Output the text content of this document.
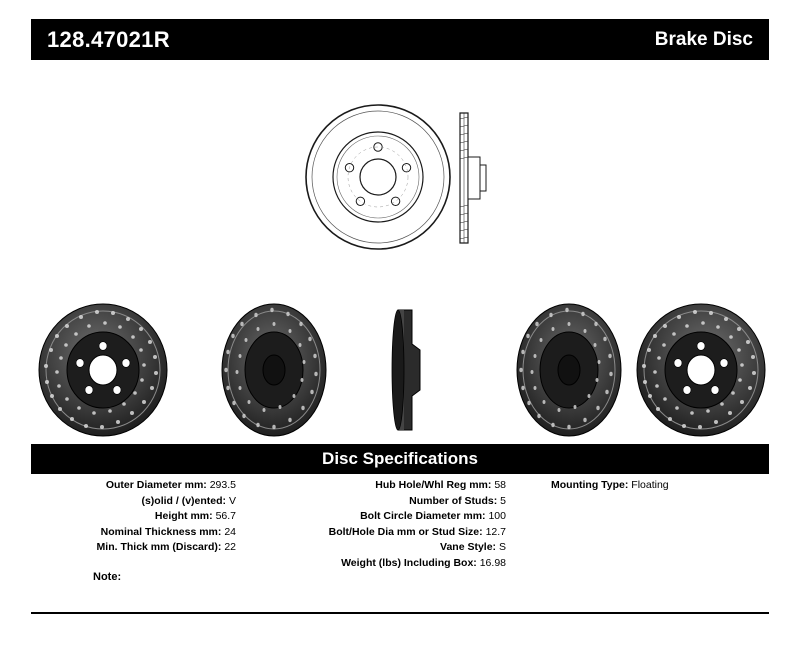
128.47021R	Brake Disc
Disc Specifications
Outer Diameter mm: 293.5
(s)olid / (v)ented: V
Height mm: 56.7
Nominal Thickness mm: 24
Min. Thick mm (Discard): 22
Hub Hole/Whl Reg mm: 58
Number of Studs: 5
Bolt Circle Diameter mm: 100
Bolt/Hole Dia mm or Stud Size: 12.7
Vane Style: S
Weight (lbs) Including Box: 16.98
Mounting Type: Floating
Note:
